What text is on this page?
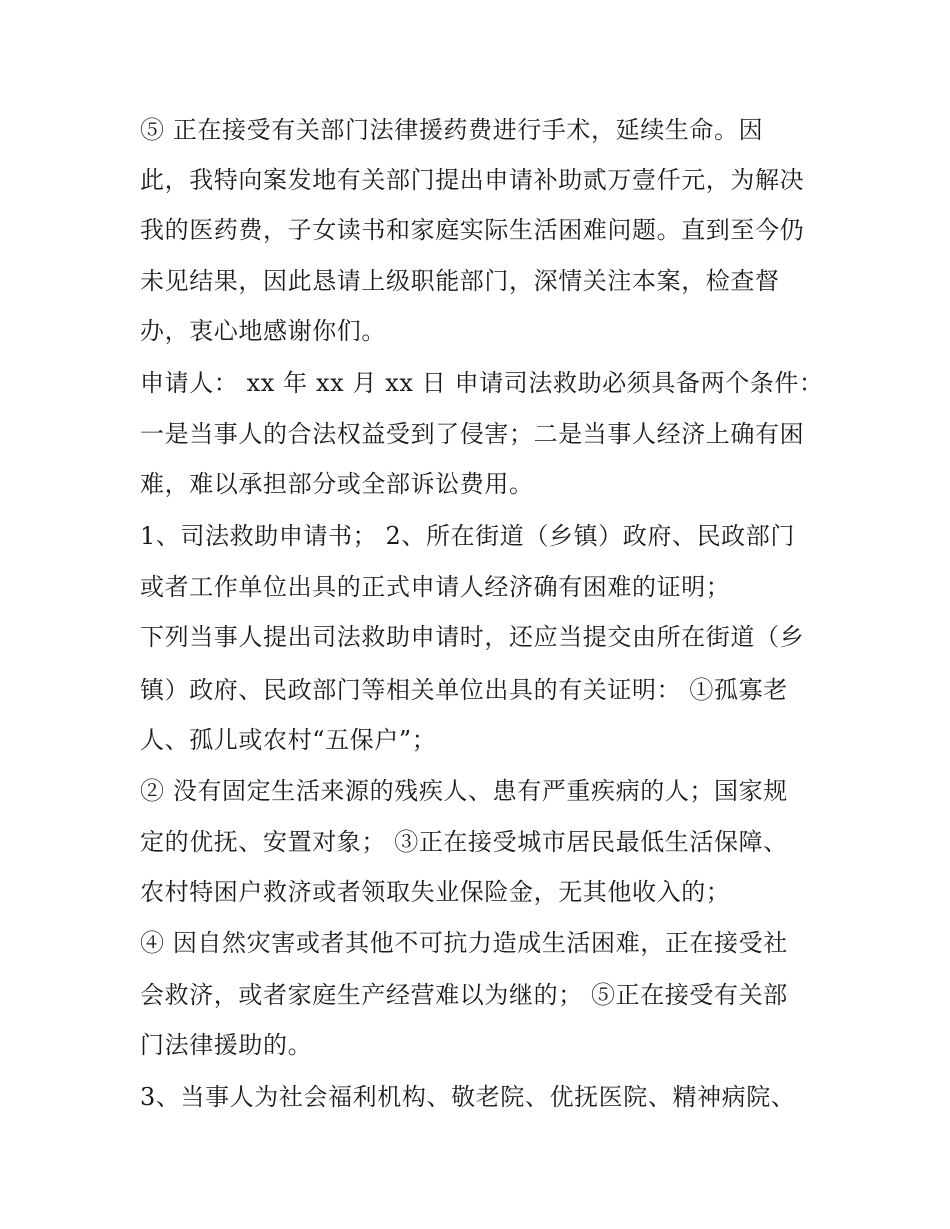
⑤ 正在接受有关部门法律援药费进行手术，延续生命。因
此，我特向案发地有关部门提出申请补助贰万壹仟元，为解决
我的医药费，子女读书和家庭实际生活困难问题。直到至今仍
未见结果，因此恳请上级职能部门，深情关注本案，检查督
办，衷心地感谢你们。
申请人： xx 年 xx 月 xx 日 申请司法救助必须具备两个条件：
一是当事人的合法权益受到了侵害；二是当事人经济上确有困
难，难以承担部分或全部诉讼费用。
1、司法救助申请书； 2、所在街道（乡镇）政府、民政部门
或者工作单位出具的正式申请人经济确有困难的证明；
下列当事人提出司法救助申请时，还应当提交由所在街道（乡
镇）政府、民政部门等相关单位出具的有关证明： ①孤寡老
人、孤儿或农村“五保户”；
② 没有固定生活来源的残疾人、患有严重疾病的人；国家规
定的优抚、安置对象； ③正在接受城市居民最低生活保障、
农村特困户救济或者领取失业保险金，无其他收入的；
④ 因自然灾害或者其他不可抗力造成生活困难，正在接受社
会救济，或者家庭生产经营难以为继的； ⑤正在接受有关部
门法律援助的。
3、当事人为社会福利机构、敬老院、优抚医院、精神病院、
